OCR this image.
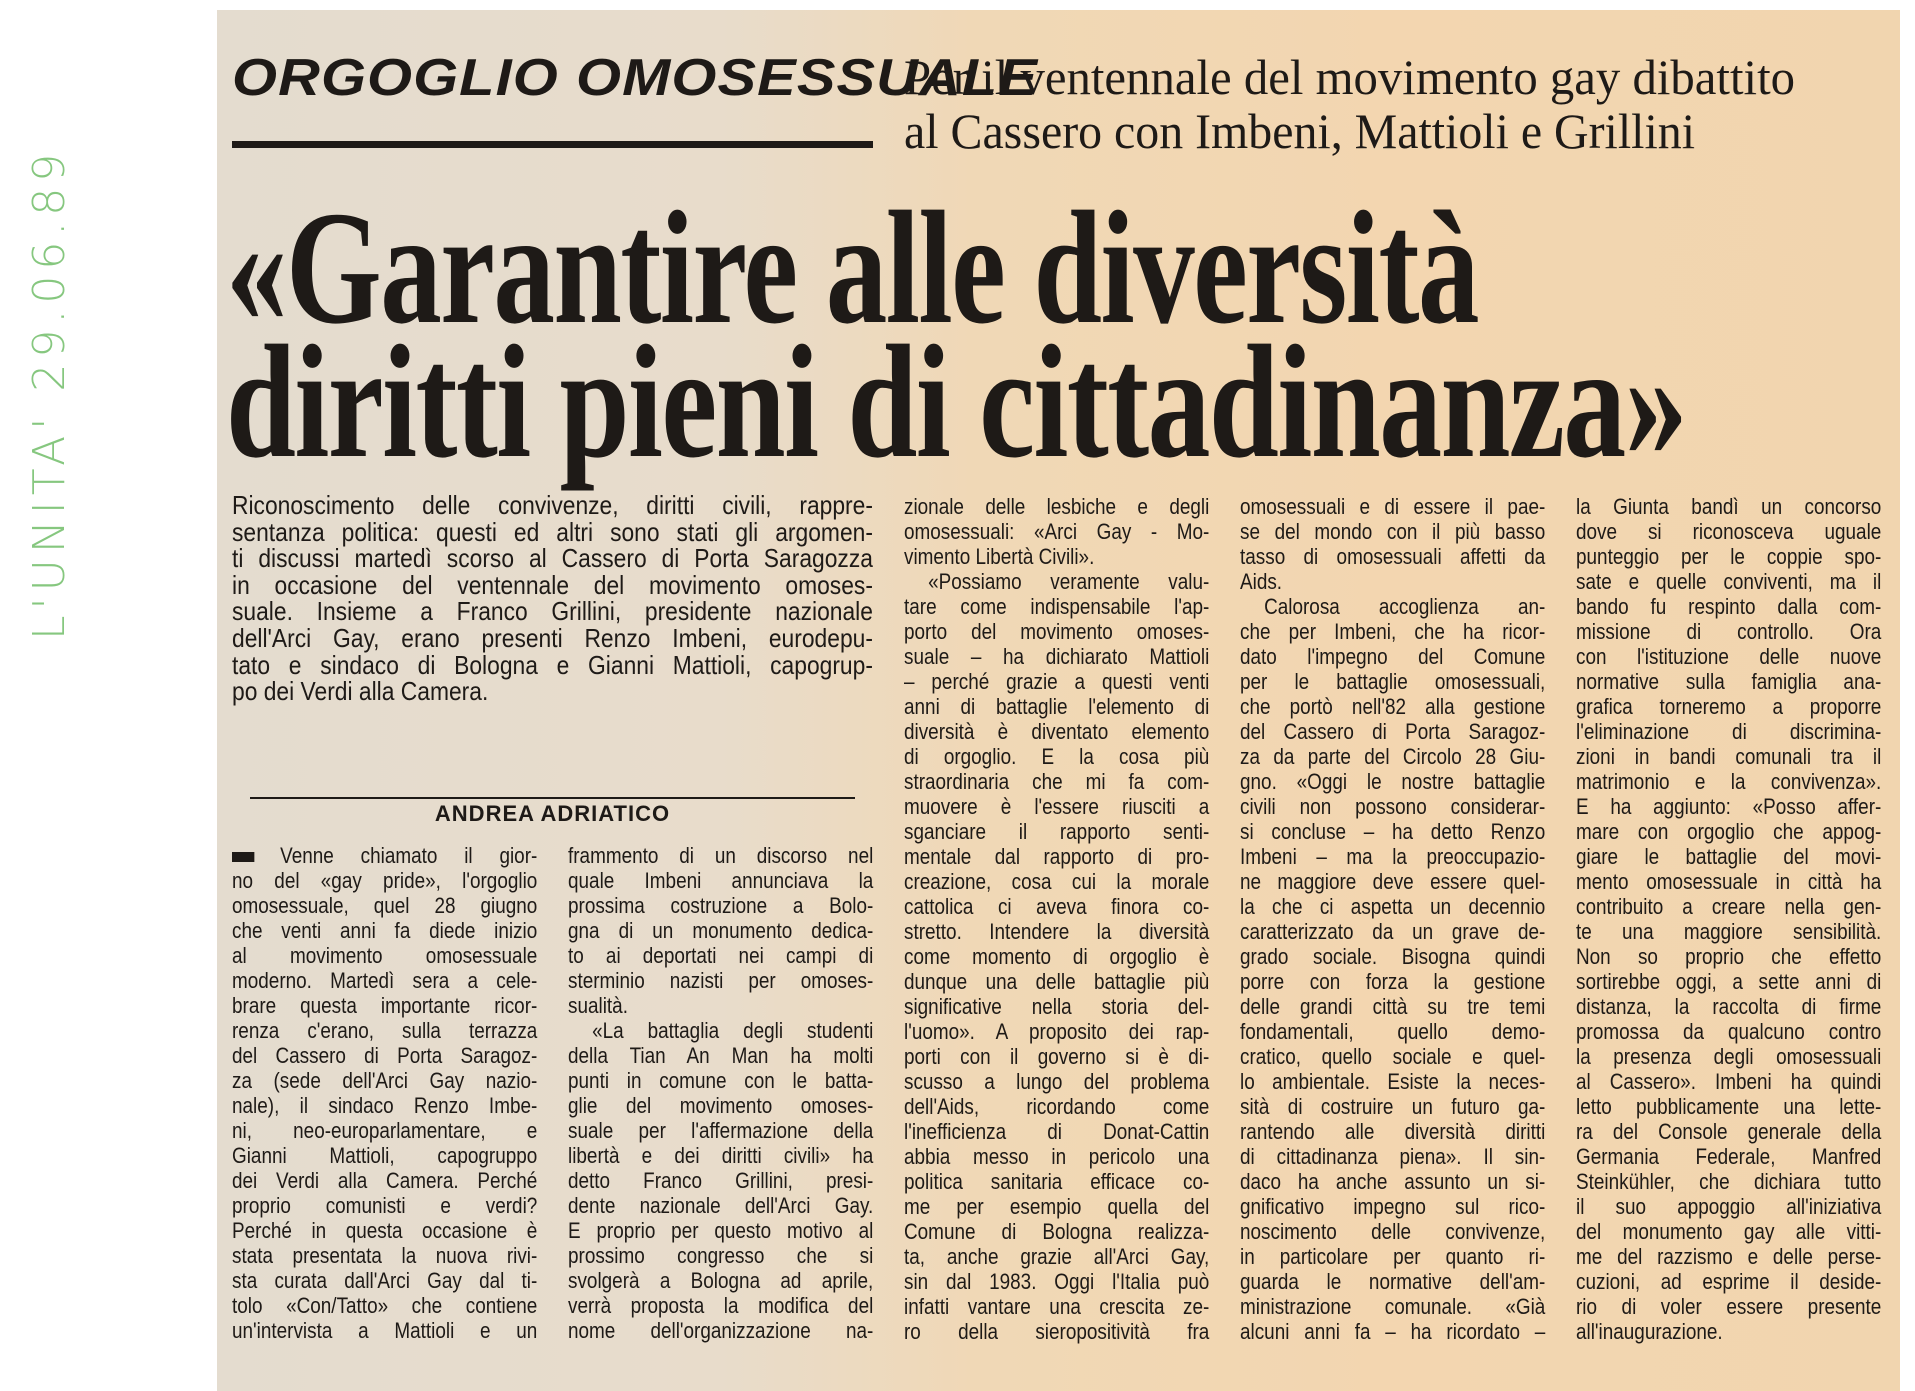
L'UNITA' 29.06.89
ORGOGLIO OMOSESSUALE
Per il ventennale del movimento gay dibattito
al Cassero con Imbeni, Mattioli e Grillini
«Garantire alle diversità
diritti pieni di cittadinanza»
Riconoscimento delle convivenze, diritti civili, rappre-
sentanza politica: questi ed altri sono stati gli argomen-
ti discussi martedì scorso al Cassero di Porta Saragozza
in occasione del ventennale del movimento omoses-
suale. Insieme a Franco Grillini, presidente nazionale
dell'Arci Gay, erano presenti Renzo Imbeni, eurodepu-
tato e sindaco di Bologna e Gianni Mattioli, capogrup-
po dei Verdi alla Camera.
ANDREA ADRIATICO
Venne chiamato il gior-
no del «gay pride», l'orgoglio
omosessuale, quel 28 giugno
che venti anni fa diede inizio
al movimento omosessuale
moderno. Martedì sera a cele-
brare questa importante ricor-
renza c'erano, sulla terrazza
del Cassero di Porta Saragoz-
za (sede dell'Arci Gay nazio-
nale), il sindaco Renzo Imbe-
ni, neo-europarlamentare, e
Gianni Mattioli, capogruppo
dei Verdi alla Camera. Perché
proprio comunisti e verdi?
Perché in questa occasione è
stata presentata la nuova rivi-
sta curata dall'Arci Gay dal ti-
tolo «Con/Tatto» che contiene
un'intervista a Mattioli e un
frammento di un discorso nel
quale Imbeni annunciava la
prossima costruzione a Bolo-
gna di un monumento dedica-
to ai deportati nei campi di
sterminio nazisti per omoses-
sualità.
«La battaglia degli studenti
della Tian An Man ha molti
punti in comune con le batta-
glie del movimento omoses-
suale per l'affermazione della
libertà e dei diritti civili» ha
detto Franco Grillini, presi-
dente nazionale dell'Arci Gay.
E proprio per questo motivo al
prossimo congresso che si
svolgerà a Bologna ad aprile,
verrà proposta la modifica del
nome dell'organizzazione na-
zionale delle lesbiche e degli
omosessuali: «Arci Gay - Mo-
vimento Libertà Civili».
«Possiamo veramente valu-
tare come indispensabile l'ap-
porto del movimento omoses-
suale – ha dichiarato Mattioli
– perché grazie a questi venti
anni di battaglie l'elemento di
diversità è diventato elemento
di orgoglio. E la cosa più
straordinaria che mi fa com-
muovere è l'essere riusciti a
sganciare il rapporto senti-
mentale dal rapporto di pro-
creazione, cosa cui la morale
cattolica ci aveva finora co-
stretto. Intendere la diversità
come momento di orgoglio è
dunque una delle battaglie più
significative nella storia del-
l'uomo». A proposito dei rap-
porti con il governo si è di-
scusso a lungo del problema
dell'Aids, ricordando come
l'inefficienza di Donat-Cattin
abbia messo in pericolo una
politica sanitaria efficace co-
me per esempio quella del
Comune di Bologna realizza-
ta, anche grazie all'Arci Gay,
sin dal 1983. Oggi l'Italia può
infatti vantare una crescita ze-
ro della sieropositività fra
omosessuali e di essere il pae-
se del mondo con il più basso
tasso di omosessuali affetti da
Aids.
Calorosa accoglienza an-
che per Imbeni, che ha ricor-
dato l'impegno del Comune
per le battaglie omosessuali,
che portò nell'82 alla gestione
del Cassero di Porta Saragoz-
za da parte del Circolo 28 Giu-
gno. «Oggi le nostre battaglie
civili non possono considerar-
si concluse – ha detto Renzo
Imbeni – ma la preoccupazio-
ne maggiore deve essere quel-
la che ci aspetta un decennio
caratterizzato da un grave de-
grado sociale. Bisogna quindi
porre con forza la gestione
delle grandi città su tre temi
fondamentali, quello demo-
cratico, quello sociale e quel-
lo ambientale. Esiste la neces-
sità di costruire un futuro ga-
rantendo alle diversità diritti
di cittadinanza piena». Il sin-
daco ha anche assunto un si-
gnificativo impegno sul rico-
noscimento delle convivenze,
in particolare per quanto ri-
guarda le normative dell'am-
ministrazione comunale. «Già
alcuni anni fa – ha ricordato –
la Giunta bandì un concorso
dove si riconosceva uguale
punteggio per le coppie spo-
sate e quelle conviventi, ma il
bando fu respinto dalla com-
missione di controllo. Ora
con l'istituzione delle nuove
normative sulla famiglia ana-
grafica torneremo a proporre
l'eliminazione di discrimina-
zioni in bandi comunali tra il
matrimonio e la convivenza».
E ha aggiunto: «Posso affer-
mare con orgoglio che appog-
giare le battaglie del movi-
mento omosessuale in città ha
contribuito a creare nella gen-
te una maggiore sensibilità.
Non so proprio che effetto
sortirebbe oggi, a sette anni di
distanza, la raccolta di firme
promossa da qualcuno contro
la presenza degli omosessuali
al Cassero». Imbeni ha quindi
letto pubblicamente una lette-
ra del Console generale della
Germania Federale, Manfred
Steinkühler, che dichiara tutto
il suo appoggio all'iniziativa
del monumento gay alle vitti-
me del razzismo e delle perse-
cuzioni, ad esprime il deside-
rio di voler essere presente
all'inaugurazione.
